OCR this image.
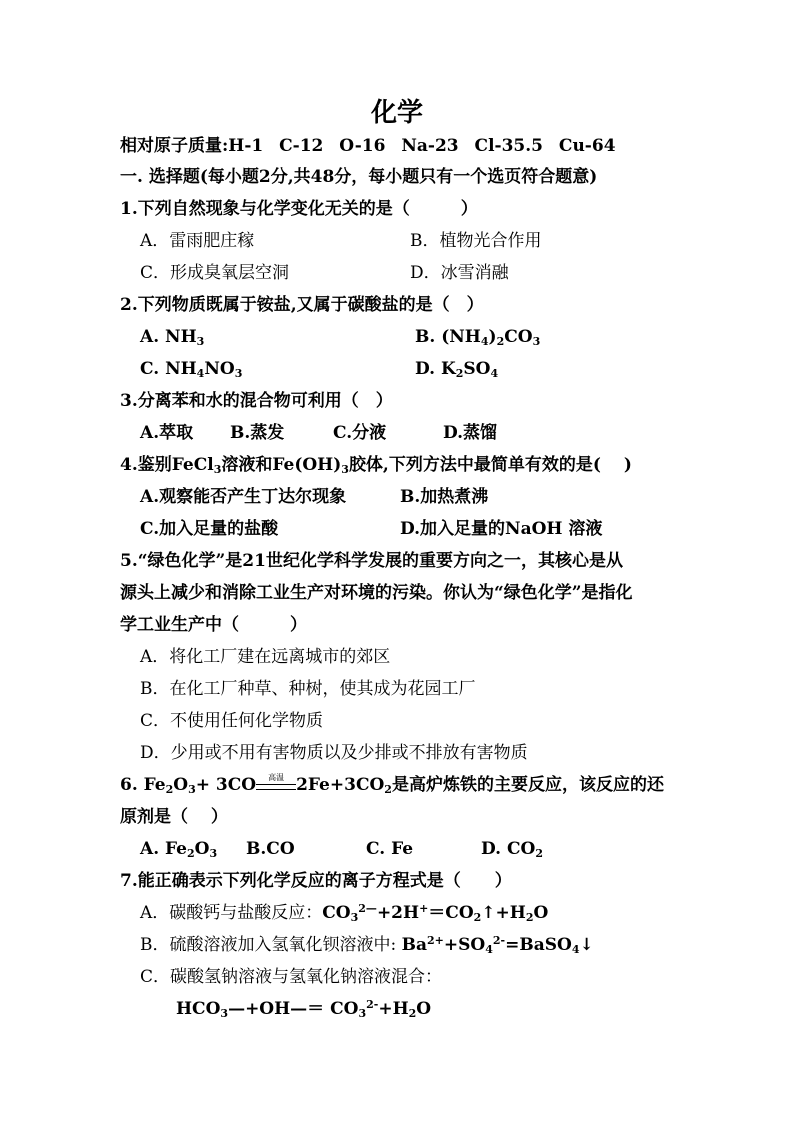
化学
相对原子质量:H-1 C-12 O-16 Na-23 Cl-35.5 Cu-64
一. 选择题(每小题2分,共48分，每小题只有一个选页符合题意)
1.下列自然现象与化学变化无关的是（　　　）
A．雷雨肥庄稼	B．植物光合作用
C．形成臭氧层空洞	D．冰雪消融
2.下列物质既属于铵盐,又属于碳酸盐的是（　）
A. $NH_3$	B. $(NH_4)_2CO_3$
C. $NH_4NO_3$	D. $K_2SO_4$
3.分离苯和水的混合物可利用（　）
A.萃取 B.蒸发	C.分液	D.蒸馏
4.鉴别FeCl$_3$溶液和$Fe(OH)_3$胶体,下列方法中最简单有效的是(　 )
A.观察能否产生丁达尔现象	B.加热煮沸
C.加入足量的盐酸	D.加入足量的NaOH 溶液
5.“绿色化学”是21世纪化学科学发展的重要方向之一，其核心是从
源头上减少和消除工业生产对环境的污染。你认为“绿色化学”是指化
学工业生产中（　　　）
A．将化工厂建在远离城市的郊区
B．在化工厂种草、种树，使其成为花园工厂
C．不使用任何化学物质
D．少用或不用有害物质以及少排或不排放有害物质
6. $Fe_2O_3+ 3CO$	高温 $2Fe+3CO_2$是高炉炼铁的主要反应，该反应的还
原剂是（　 ）
A. $Fe_2O_3$ B.CO	C. Fe	D. $CO_2$
7.能正确表示下列化学反应的离子方程式是（　　）
A．碳酸钙与盐酸反应：$CO_3^{2—}+2H^+=CO_2↑+H_2O$
B．硫酸溶液加入氢氧化钡溶液中: $Ba^{2+}+SO_4^{2-}=BaSO_4↓$
C．碳酸氢钠溶液与氢氧化钠溶液混合：
$HCO_3—+OH—= CO_3^{2-}+H_2O$
